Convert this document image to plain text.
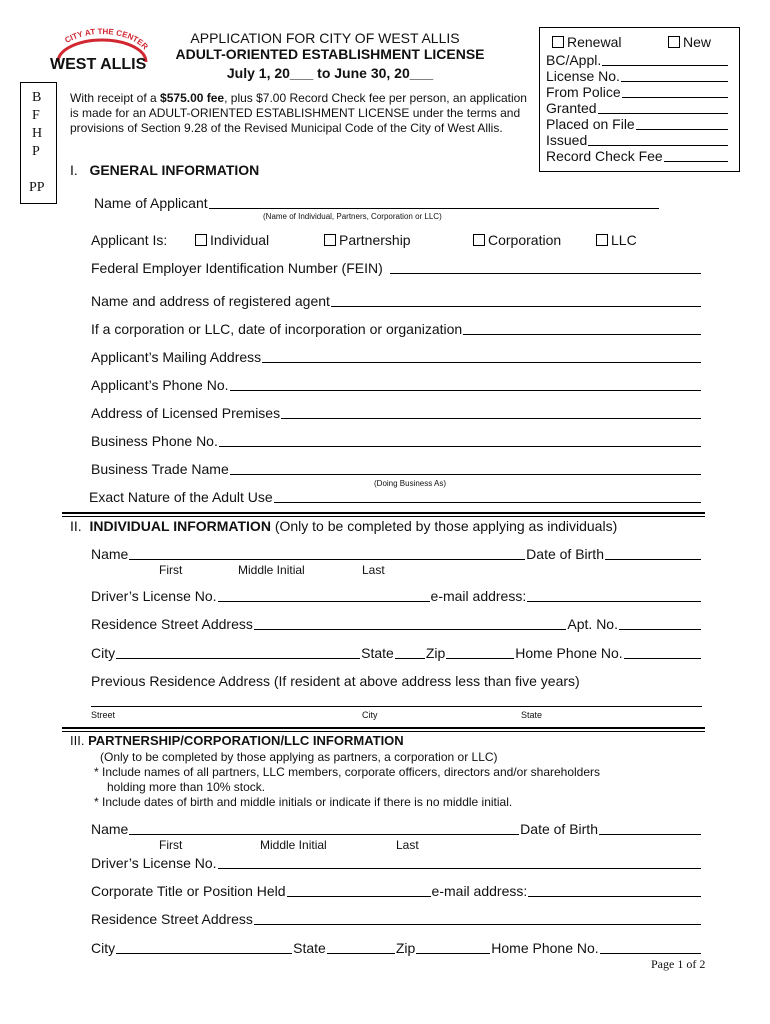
CITY AT THE CENTER
WEST ALLIS
APPLICATION FOR CITY OF WEST ALLIS
ADULT-ORIENTED ESTABLISHMENT LICENSE
July 1, 20___ to June 30, 20___
Renewal	New
BC/Appl.
License No.
From Police
Granted
Placed on File
Issued
Record Check Fee
B
F
H
P
PP
With receipt of a $575.00 fee, plus $7.00 Record Check fee per person, an application is made for an ADULT-ORIENTED ESTABLISHMENT LICENSE under the terms and provisions of Section 9.28 of the Revised Municipal Code of the City of West Allis.
I. GENERAL INFORMATION
Name of Applicant
(Name of Individual, Partners, Corporation or LLC)
Applicant Is:	Individual	Partnership	Corporation	LLC
Federal Employer Identification Number (FEIN)
Name and address of registered agent
If a corporation or LLC, date of incorporation or organization
Applicant’s Mailing Address
Applicant’s Phone No.
Address of Licensed Premises
Business Phone No.
Business Trade Name
(Doing Business As)
Exact Nature of the Adult Use
II. INDIVIDUAL INFORMATION (Only to be completed by those applying as individuals)
Name	Date of Birth
First	Middle Initial	Last
Driver’s License No.	e-mail address:
Residence Street Address	Apt. No.
City	State Zip	Home Phone No.
Previous Residence Address (If resident at above address less than five years)
Street	City	State
III. PARTNERSHIP/CORPORATION/LLC INFORMATION
(Only to be completed by those applying as partners, a corporation or LLC)
* Include names of all partners, LLC members, corporate officers, directors and/or shareholders
holding more than 10% stock.
* Include dates of birth and middle initials or indicate if there is no middle initial.
Name	Date of Birth
First	Middle Initial	Last
Driver’s License No.
Corporate Title or Position Held	e-mail address:
Residence Street Address
City	State	Zip	Home Phone No.
Page 1 of 2
